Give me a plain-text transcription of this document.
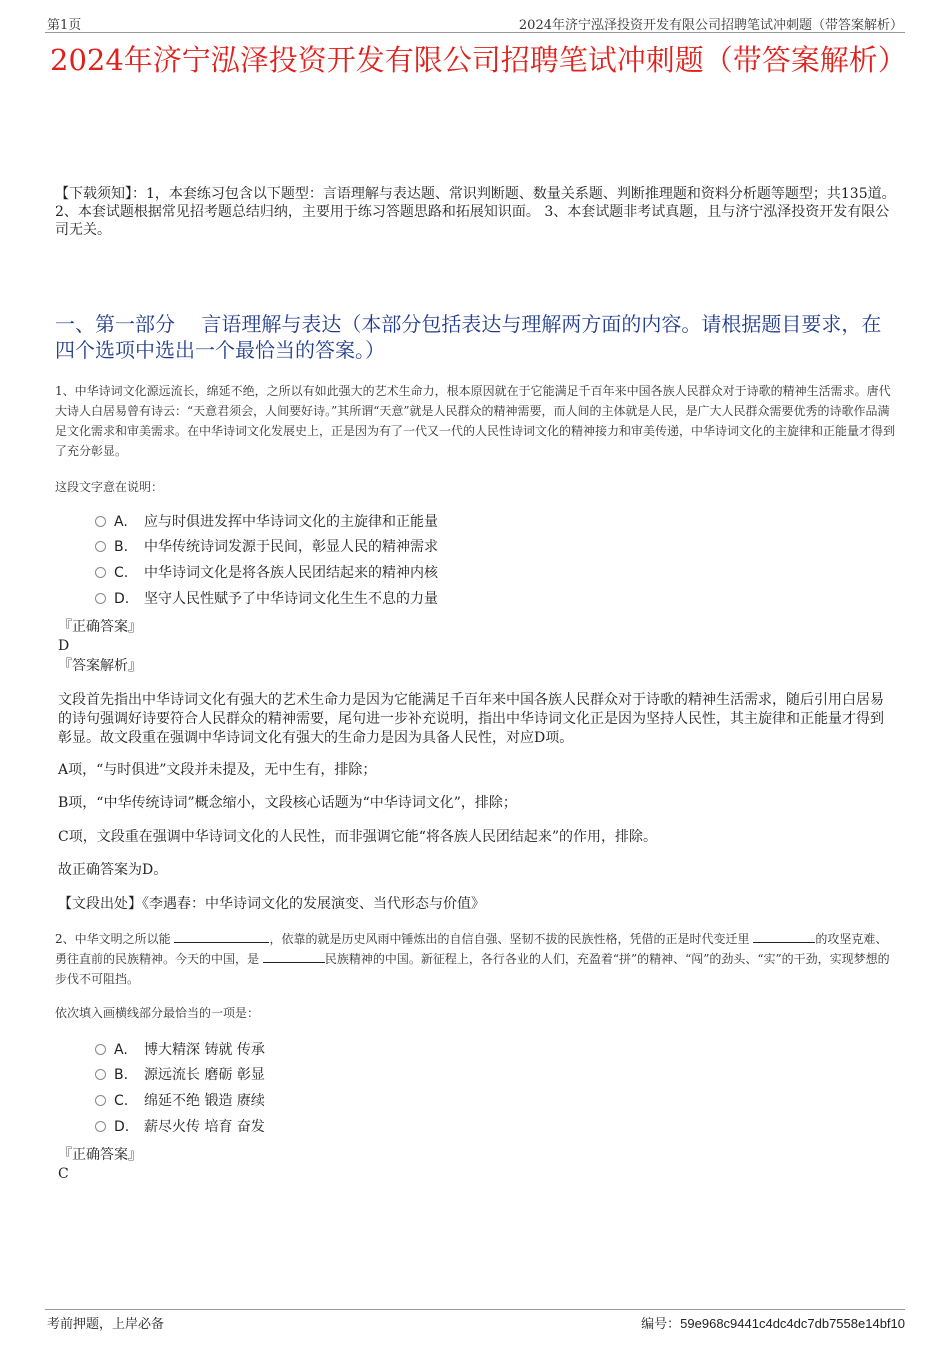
第1页	2024年济宁泓泽投资开发有限公司招聘笔试冲刺题（带答案解析）
2024年济宁泓泽投资开发有限公司招聘笔试冲刺题（带答案解析）
【下载须知】：1，本套练习包含以下题型：言语理解与表达题、常识判断题、数量关系题、判断推理题和资料分析题等题型；共135道。 2、本套试题根据常见招考题总结归纳，主要用于练习答题思路和拓展知识面。 3、本套试题非考试真题，且与济宁泓泽投资开发有限公司无关。
一、第一部分　 言语理解与表达（本部分包括表达与理解两方面的内容。请根据题目要求，在四个选项中选出一个最恰当的答案。）
1、中华诗词文化源远流长，绵延不绝，之所以有如此强大的艺术生命力，根本原因就在于它能满足千百年来中国各族人民群众对于诗歌的精神生活需求。唐代大诗人白居易曾有诗云：“天意君须会，人间要好诗。”其所谓“天意”就是人民群众的精神需要，而人间的主体就是人民，是广大人民群众需要优秀的诗歌作品满足文化需求和审美需求。在中华诗词文化发展史上，正是因为有了一代又一代的人民性诗词文化的精神接力和审美传递，中华诗词文化的主旋律和正能量才得到了充分彰显。
这段文字意在说明：
A. 应与时俱进发挥中华诗词文化的主旋律和正能量
B. 中华传统诗词发源于民间，彰显人民的精神需求
C. 中华诗词文化是将各族人民团结起来的精神内核
D. 坚守人民性赋予了中华诗词文化生生不息的力量
『正确答案』
D
『答案解析』
文段首先指出中华诗词文化有强大的艺术生命力是因为它能满足千百年来中国各族人民群众对于诗歌的精神生活需求，随后引用白居易的诗句强调好诗要符合人民群众的精神需要，尾句进一步补充说明，指出中华诗词文化正是因为坚持人民性，其主旋律和正能量才得到彰显。故文段重在强调中华诗词文化有强大的生命力是因为具备人民性，对应D项。
A项，“与时俱进”文段并未提及，无中生有，排除；
B项，“中华传统诗词”概念缩小，文段核心话题为“中华诗词文化”，排除；
C项，文段重在强调中华诗词文化的人民性，而非强调它能“将各族人民团结起来”的作用，排除。
故正确答案为D。
【文段出处】《李遇春：中华诗词文化的发展演变、当代形态与价值》
2、中华文明之所以能	，依靠的就是历史风雨中锤炼出的自信自强、坚韧不拔的民族性格，凭借的正是时代变迁里	的攻坚克难、勇往直前的民族精神。今天的中国，是	民族精神的中国。新征程上，各行各业的人们，充盈着“拼”的精神、“闯”的劲头、“实”的干劲，实现梦想的步伐不可阻挡。
依次填入画横线部分最恰当的一项是：
A. 博大精深 铸就 传承
B. 源远流长 磨砺 彰显
C. 绵延不绝 锻造 赓续
D. 薪尽火传 培育 奋发
『正确答案』
C
考前押题，上岸必备	编号：59e968c9441c4dc4dc7db7558e14bf10
